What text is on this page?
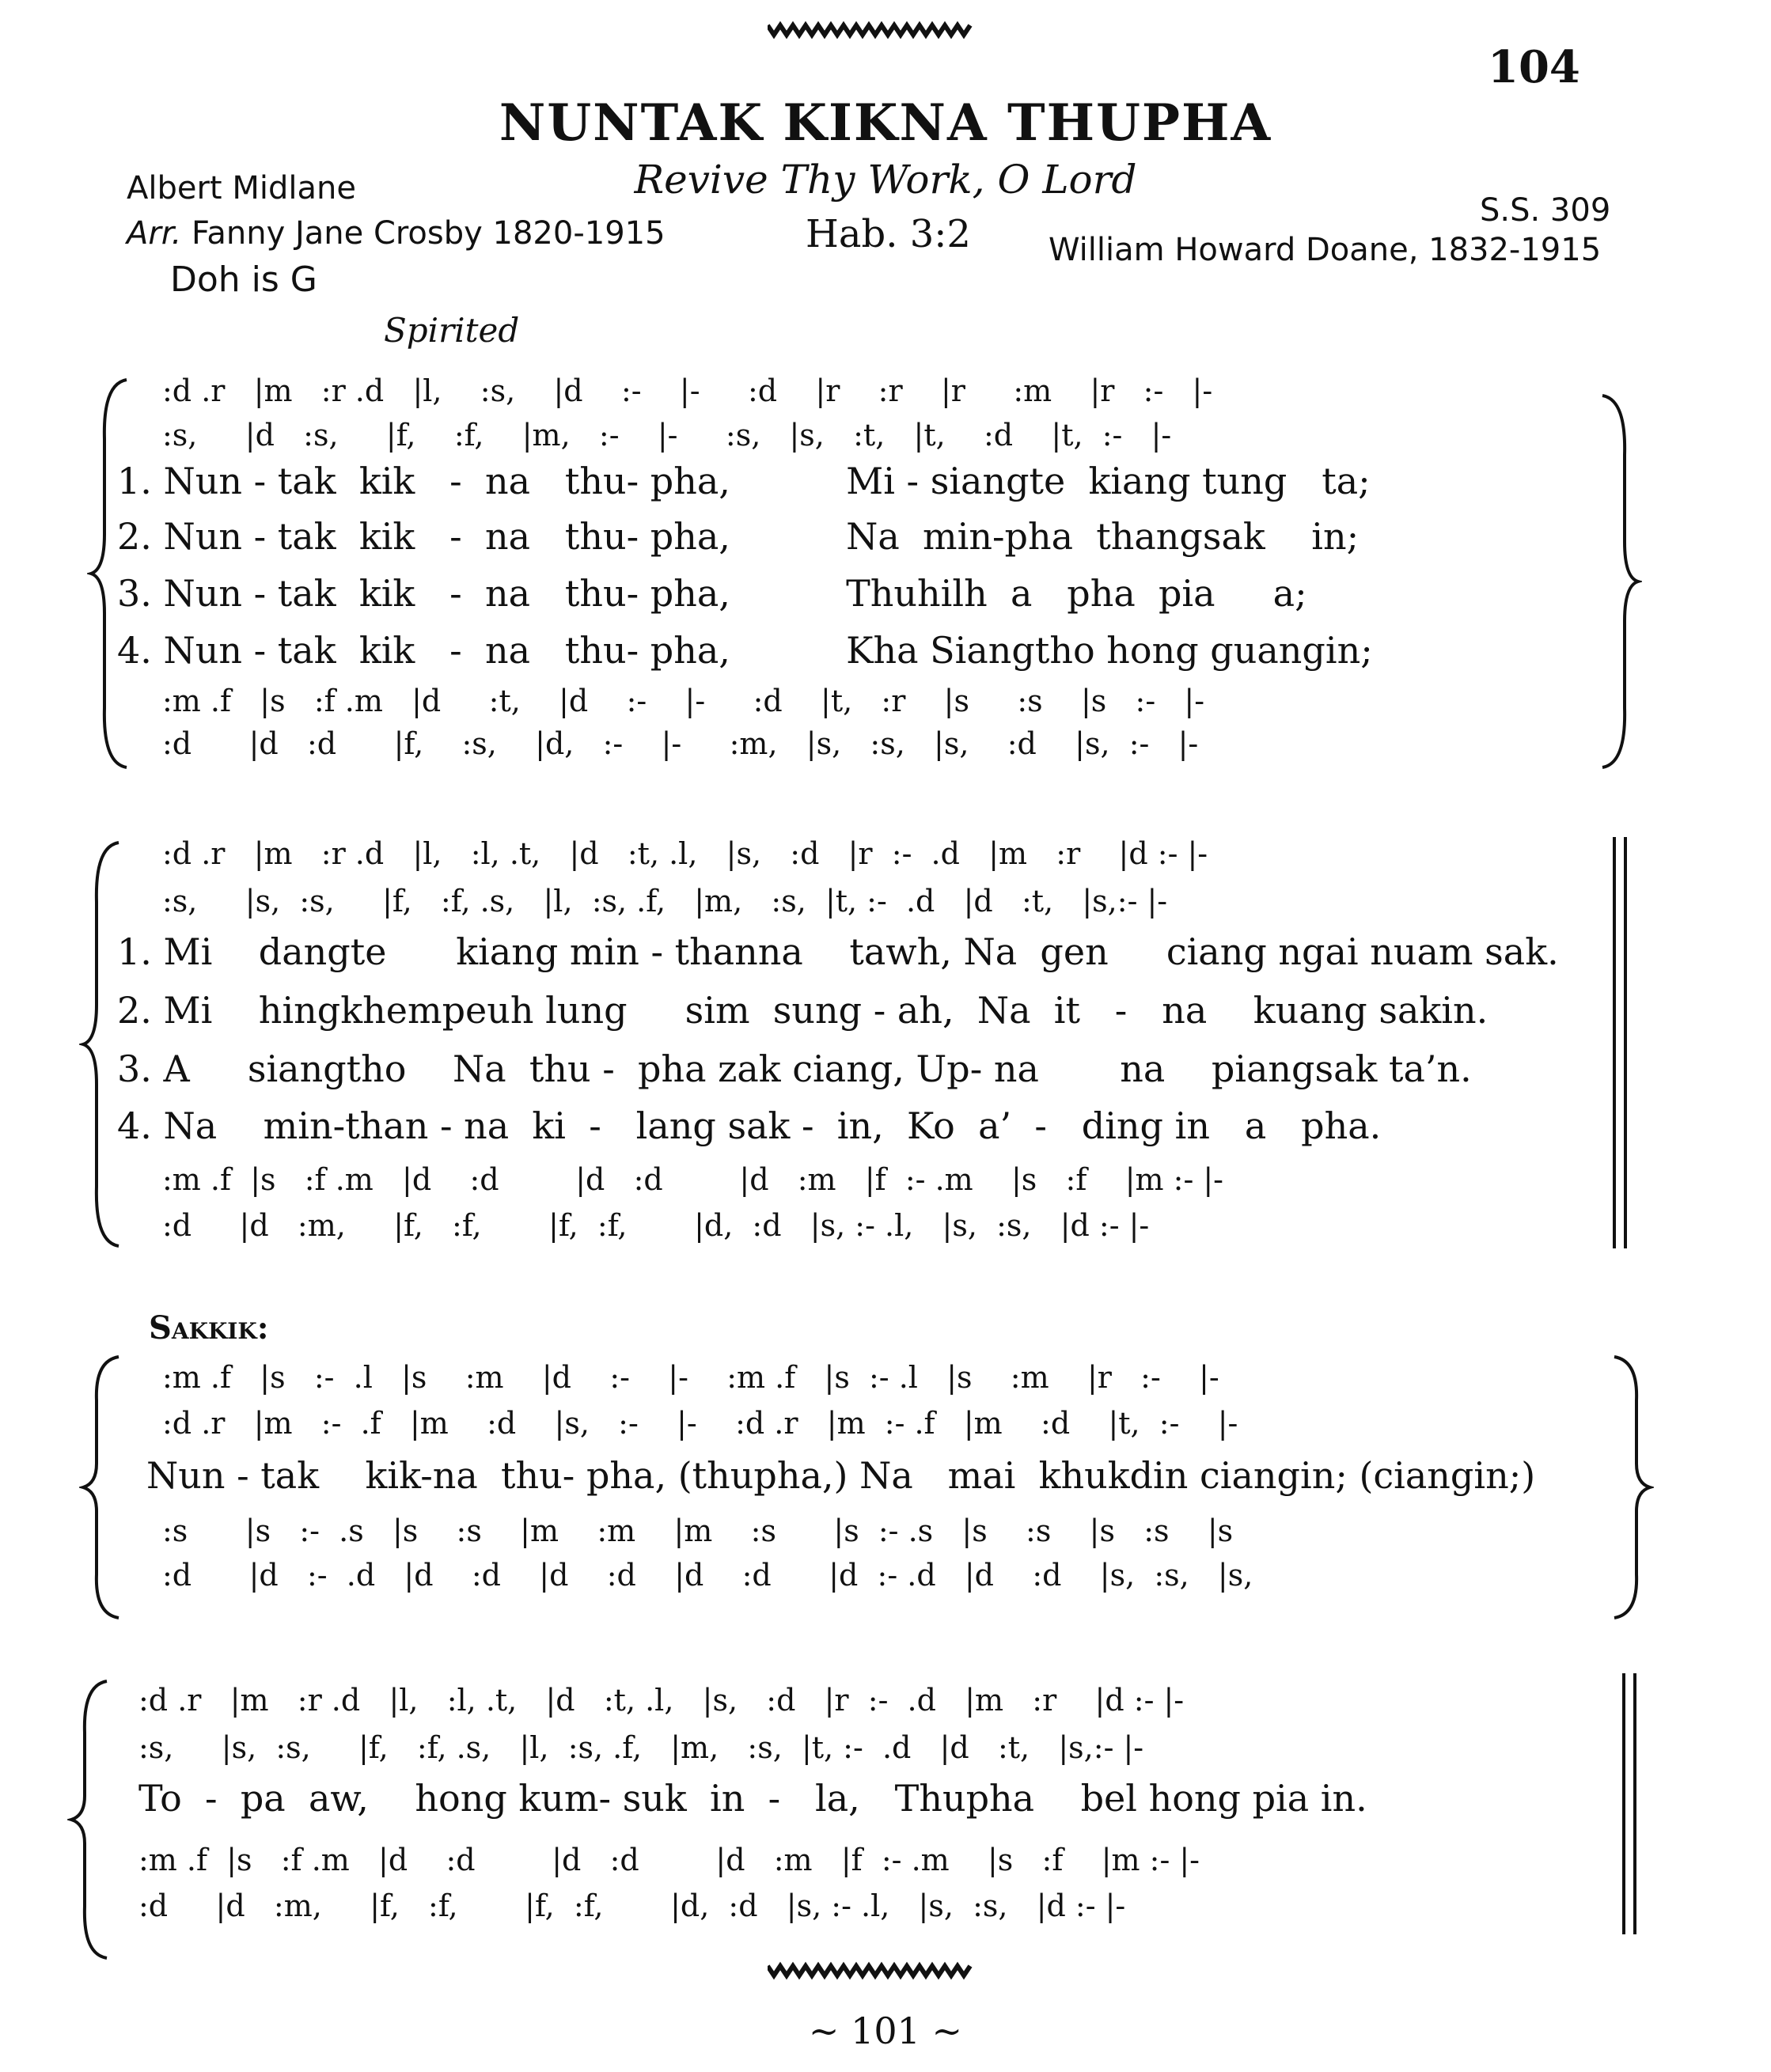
104
NUNTAK KIKNA THUPHA
Revive Thy Work, O Lord
Albert Midlane
Arr. Fanny Jane Crosby 1820-1915	Hab. 3:2
S.S. 309
William Howard Doane, 1832-1915
Doh is G
Spirited
:d .r   |m   :r .d   |l,    :s,    |d    :-    |-     :d    |r    :r    |r     :m    |r   :-   |-
:s,     |d   :s,     |f,    :f,    |m,   :-    |-     :s,   |s,   :t,   |t,    :d    |t,  :-   |-
1. Nun - tak  kik   -  na   thu- pha,          Mi - siangte  kiang tung   ta;
2. Nun - tak  kik   -  na   thu- pha,          Na  min-pha  thangsak    in;
3. Nun - tak  kik   -  na   thu- pha,          Thuhilh  a   pha  pia     a;
4. Nun - tak  kik   -  na   thu- pha,          Kha Siangtho hong guangin;
:m .f   |s   :f .m   |d     :t,    |d    :-    |-     :d    |t,   :r    |s     :s    |s   :-   |-
:d      |d   :d      |f,    :s,    |d,   :-    |-     :m,   |s,   :s,   |s,    :d    |s,  :-   |-
:d .r   |m   :r .d   |l,   :l, .t,   |d   :t, .l,   |s,   :d   |r  :-  .d   |m   :r    |d :- |-
:s,     |s,  :s,     |f,   :f, .s,   |l,  :s, .f,   |m,   :s,  |t, :-  .d   |d   :t,   |s,:- |-
1. Mi    dangte      kiang min - thanna    tawh, Na  gen     ciang ngai nuam sak.
2. Mi    hingkhempeuh lung     sim  sung - ah,  Na  it   -   na    kuang sakin.
3. A     siangtho    Na  thu -  pha zak ciang, Up- na       na    piangsak ta’n.
4. Na    min-than - na  ki  -   lang sak -  in,  Ko  a’  -   ding in   a   pha.
:m .f  |s   :f .m   |d    :d        |d   :d        |d   :m   |f  :- .m    |s   :f    |m :- |-
:d     |d   :m,     |f,   :f,       |f,  :f,       |d,  :d   |s, :- .l,   |s,  :s,   |d :- |-
Sakkik:
:m .f   |s   :-  .l   |s    :m    |d    :-    |-    :m .f   |s  :- .l   |s    :m    |r   :-    |-
:d .r   |m   :-  .f   |m    :d    |s,   :-    |-    :d .r   |m  :- .f   |m    :d    |t,  :-    |-
Nun - tak    kik-na  thu- pha, (thupha,) Na   mai  khukdin ciangin; (ciangin;)
:s      |s   :-  .s   |s    :s    |m    :m    |m    :s      |s  :- .s   |s    :s    |s   :s    |s
:d      |d   :-  .d   |d    :d    |d    :d    |d    :d      |d  :- .d   |d    :d    |s,  :s,   |s,
:d .r   |m   :r .d   |l,   :l, .t,   |d   :t, .l,   |s,   :d   |r  :-  .d   |m   :r    |d :- |-
:s,     |s,  :s,     |f,   :f, .s,   |l,  :s, .f,   |m,   :s,  |t, :-  .d   |d   :t,   |s,:- |-
To  -  pa  aw,    hong kum- suk  in  -   la,   Thupha    bel hong pia in.
:m .f  |s   :f .m   |d    :d        |d   :d        |d   :m   |f  :- .m    |s   :f    |m :- |-
:d     |d   :m,     |f,   :f,       |f,  :f,       |d,  :d   |s, :- .l,   |s,  :s,   |d :- |-
~ 101 ~
